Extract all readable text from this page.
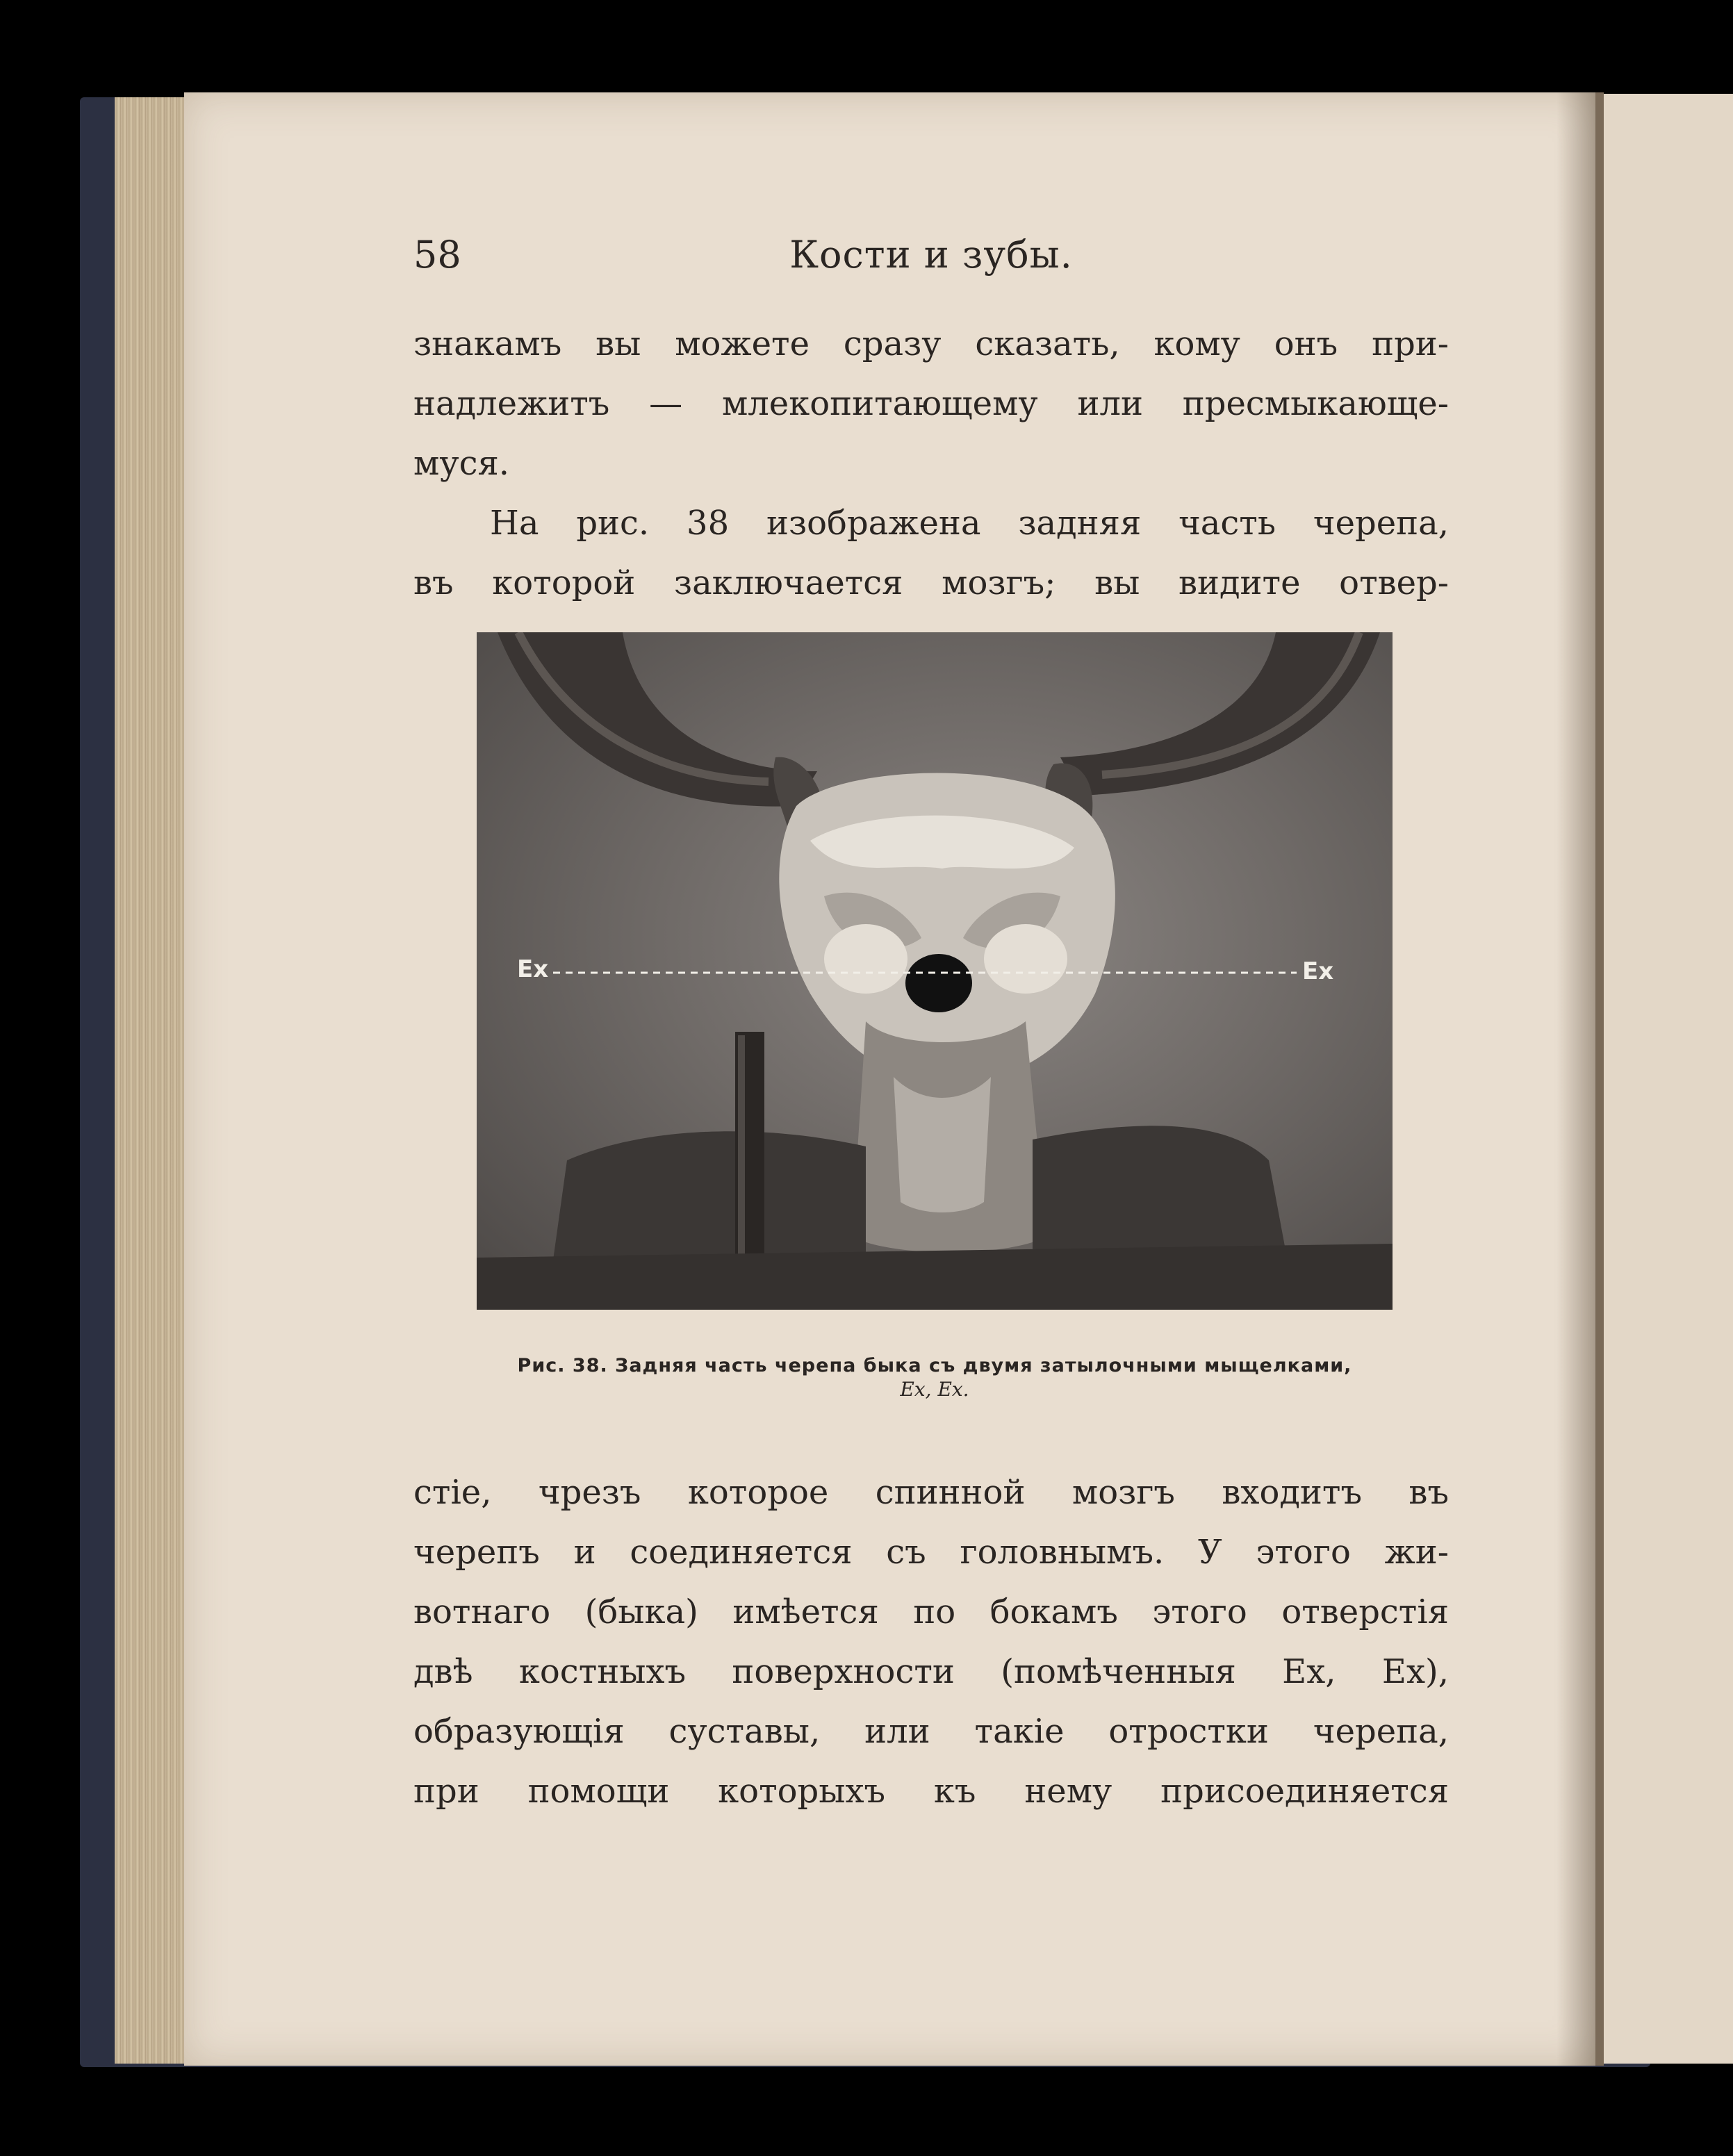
58	Кости и зубы.
знакамъ вы можете сразу сказать, кому онъ при-
надлежитъ — млекопитающему или пресмыкающе-
муся.
На рис. 38 изображена задняя часть черепа,
въ которой заключается мозгъ; вы видите отвер-
Ex	Ex
Рис. 38. Задняя часть черепа быка съ двумя затылочными мыщелками,
Ex, Ex.
стіе, чрезъ которое спинной мозгъ входитъ въ
черепъ и соединяется съ головнымъ. У этого жи-
вотнаго (быка) имѣется по бокамъ этого отверстія
двѣ костныхъ поверхности (помѣченныя Ex, Ex),
образующія суставы, или такіе отростки черепа,
при помощи которыхъ къ нему присоединяется
